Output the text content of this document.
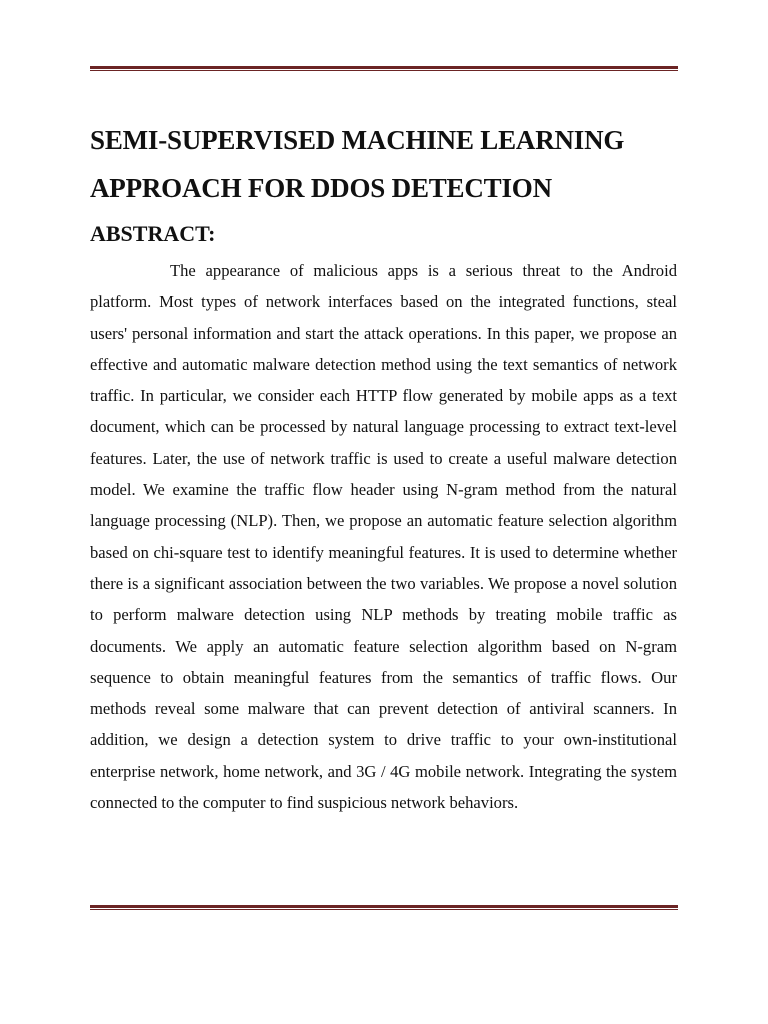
SEMI-SUPERVISED MACHINE LEARNING
APPROACH FOR DDOS DETECTION
ABSTRACT:

The appearance of malicious apps is a serious threat to the Android platform. Most types of network interfaces based on the integrated functions, steal users' personal information and start the attack operations. In this paper, we propose an effective and automatic malware detection method using the text semantics of network traffic. In particular, we consider each HTTP flow generated by mobile apps as a text document, which can be processed by natural language processing to extract text-level features. Later, the use of network traffic is used to create a useful malware detection model. We examine the traffic flow header using N-gram method from the natural language processing (NLP). Then, we propose an automatic feature selection algorithm based on chi-square test to identify meaningful features. It is used to determine whether there is a significant association between the two variables. We propose a novel solution to perform malware detection using NLP methods by treating mobile traffic as documents. We apply an automatic feature selection algorithm based on N-gram sequence to obtain meaningful features from the semantics of traffic flows. Our methods reveal some malware that can prevent detection of antiviral scanners. In addition, we design a detection system to drive traffic to your own-institutional enterprise network, home network, and 3G / 4G mobile network. Integrating the system connected to the computer to find suspicious network behaviors.
